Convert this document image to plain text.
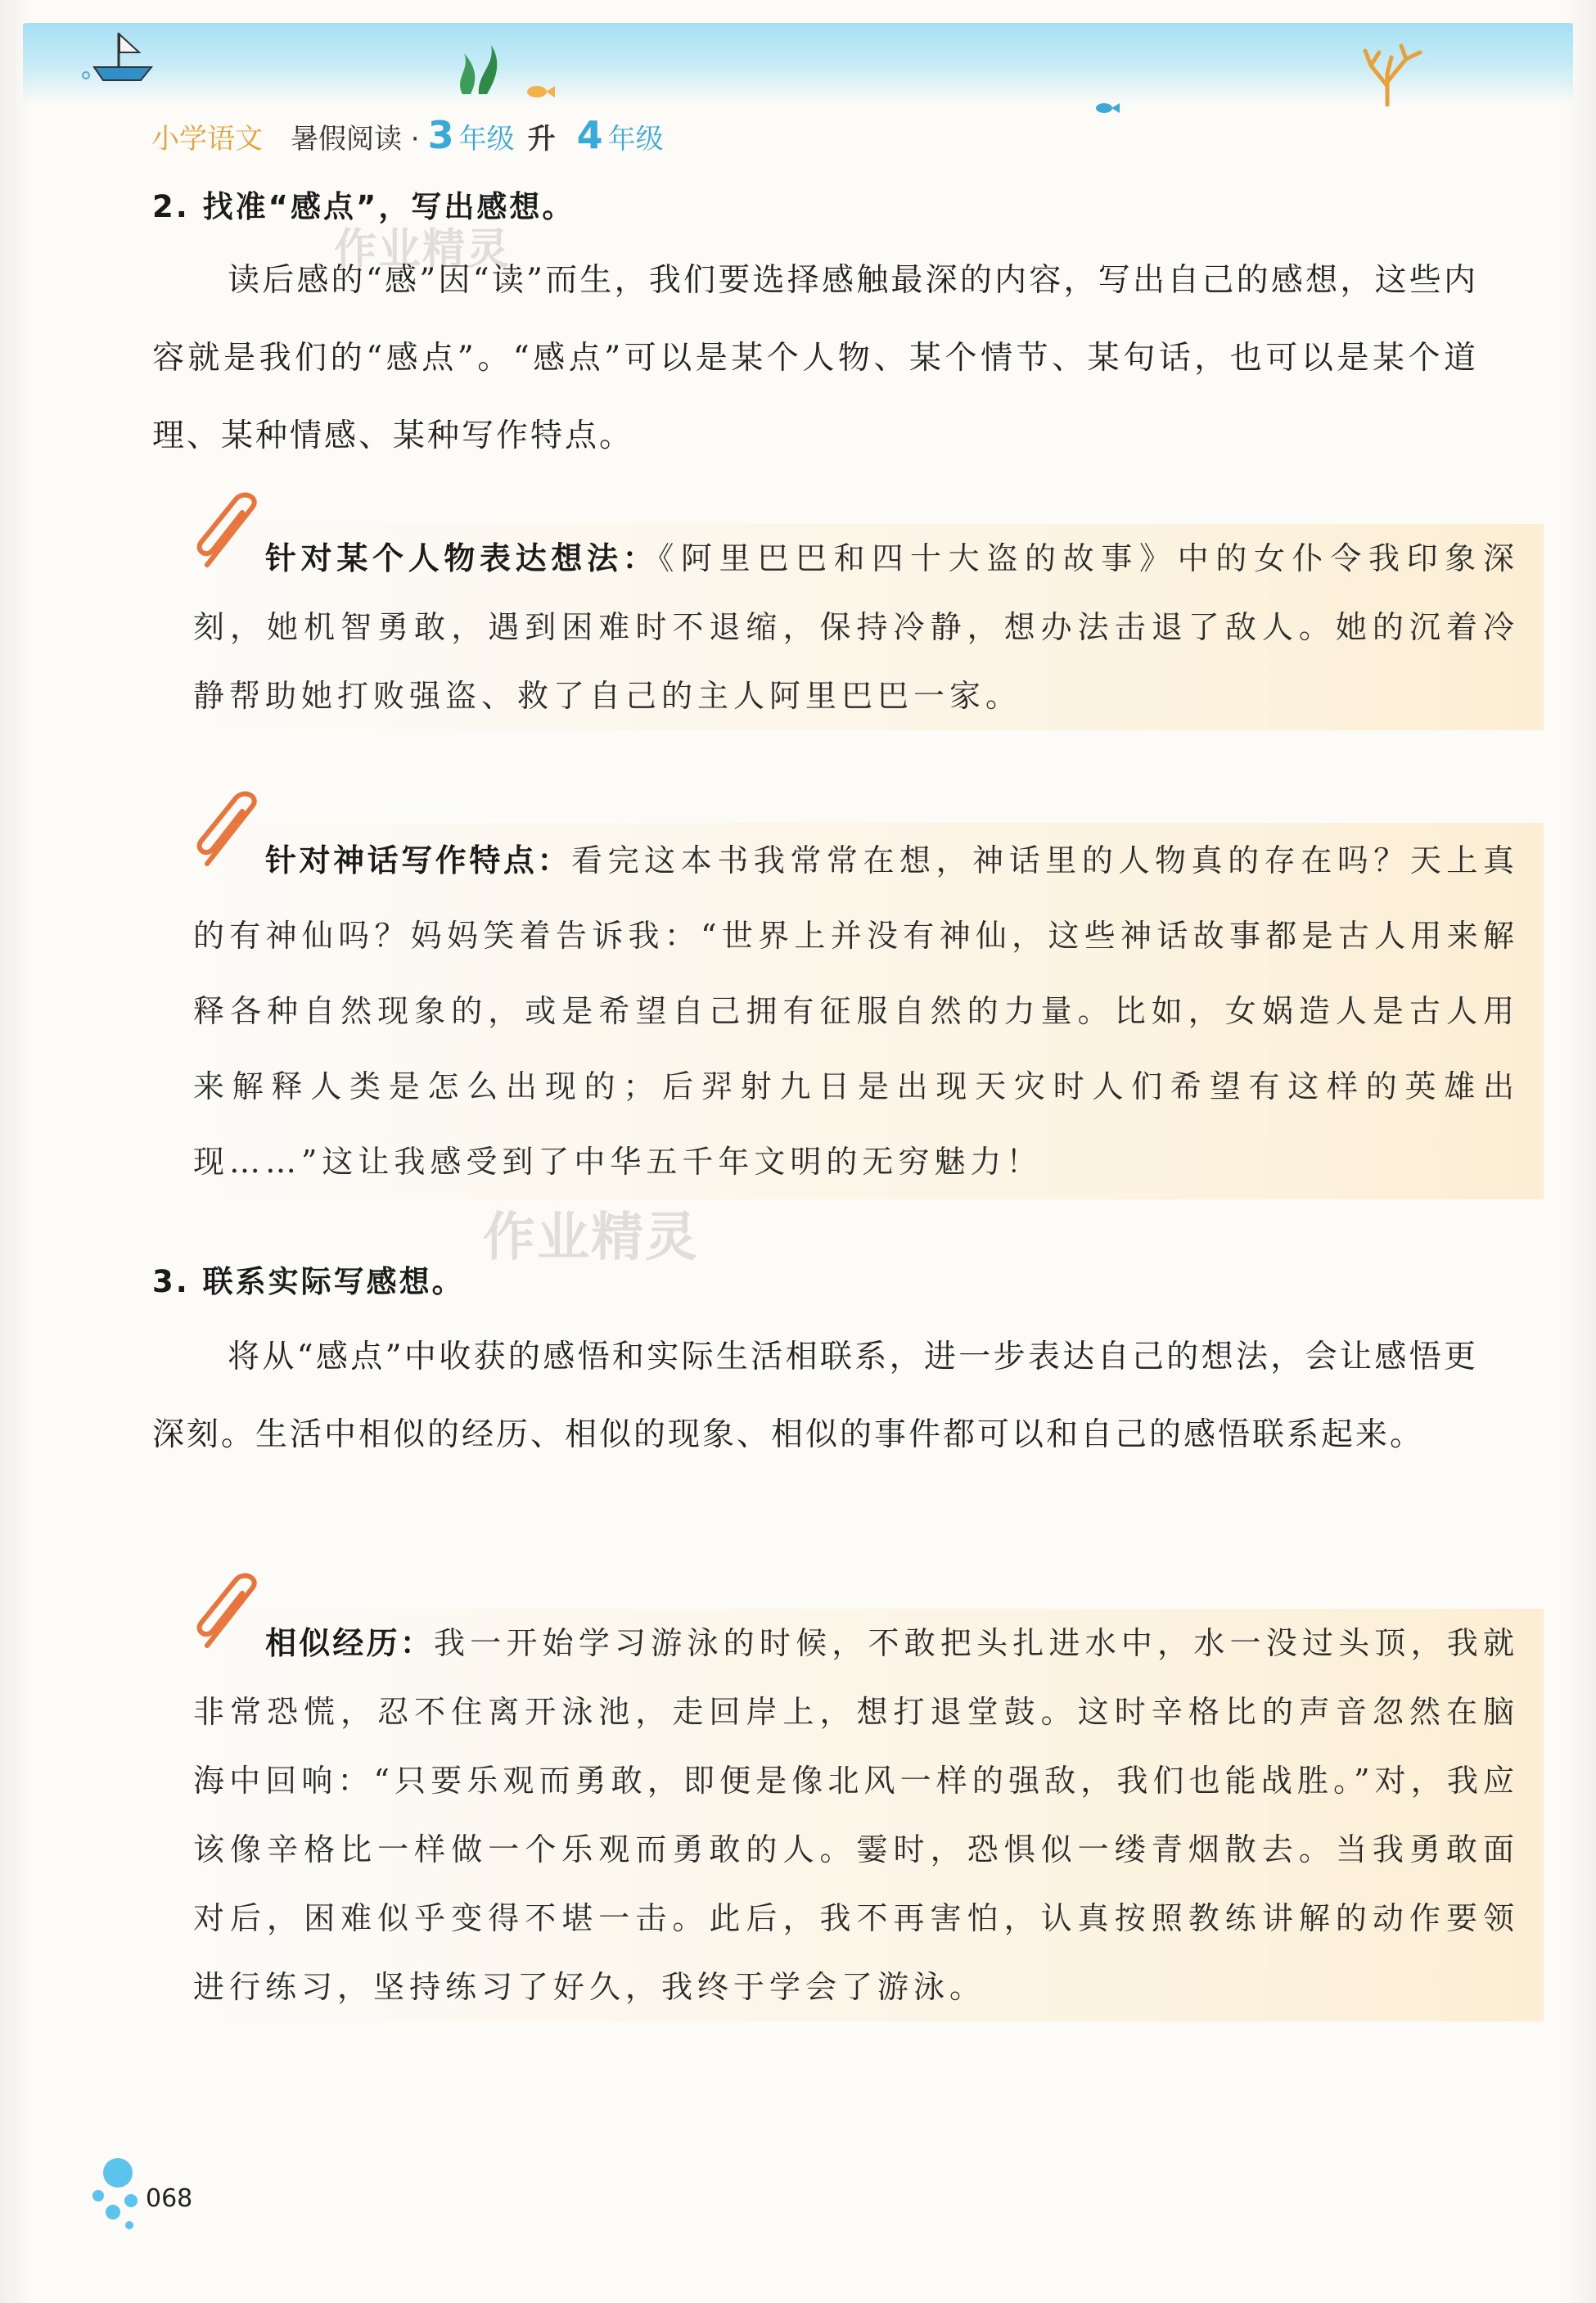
小学语文 暑假阅读 · 3 年级 升 4 年级
2. 找准“感点”，写出感想。
作业精灵
读后感的“感”因“读”而生，我们要选择感触最深的内容，写出自己的感想，这些内容就是我们的“感点”。“感点”可以是某个人物、某个情节、某句话，也可以是某个道理、某种情感、某种写作特点。
针对某个人物表达想法：《阿里巴巴和四十大盗的故事》中的女仆令我印象深刻，她机智勇敢，遇到困难时不退缩，保持冷静，想办法击退了敌人。她的沉着冷静帮助她打败强盗、救了自己的主人阿里巴巴一家。
针对神话写作特点：看完这本书我常常在想，神话里的人物真的存在吗？天上真的有神仙吗？妈妈笑着告诉我：“世界上并没有神仙，这些神话故事都是古人用来解释各种自然现象的，或是希望自己拥有征服自然的力量。比如，女娲造人是古人用来解释人类是怎么出现的；后羿射九日是出现天灾时人们希望有这样的英雄出现……”这让我感受到了中华五千年文明的无穷魅力！
作业精灵
3. 联系实际写感想。
将从“感点”中收获的感悟和实际生活相联系，进一步表达自己的想法，会让感悟更深刻。生活中相似的经历、相似的现象、相似的事件都可以和自己的感悟联系起来。
相似经历：我一开始学习游泳的时候，不敢把头扎进水中，水一没过头顶，我就非常恐慌，忍不住离开泳池，走回岸上，想打退堂鼓。这时辛格比的声音忽然在脑海中回响：“只要乐观而勇敢，即便是像北风一样的强敌，我们也能战胜。”对，我应该像辛格比一样做一个乐观而勇敢的人。霎时，恐惧似一缕青烟散去。当我勇敢面对后，困难似乎变得不堪一击。此后，我不再害怕，认真按照教练讲解的动作要领进行练习，坚持练习了好久，我终于学会了游泳。
068
